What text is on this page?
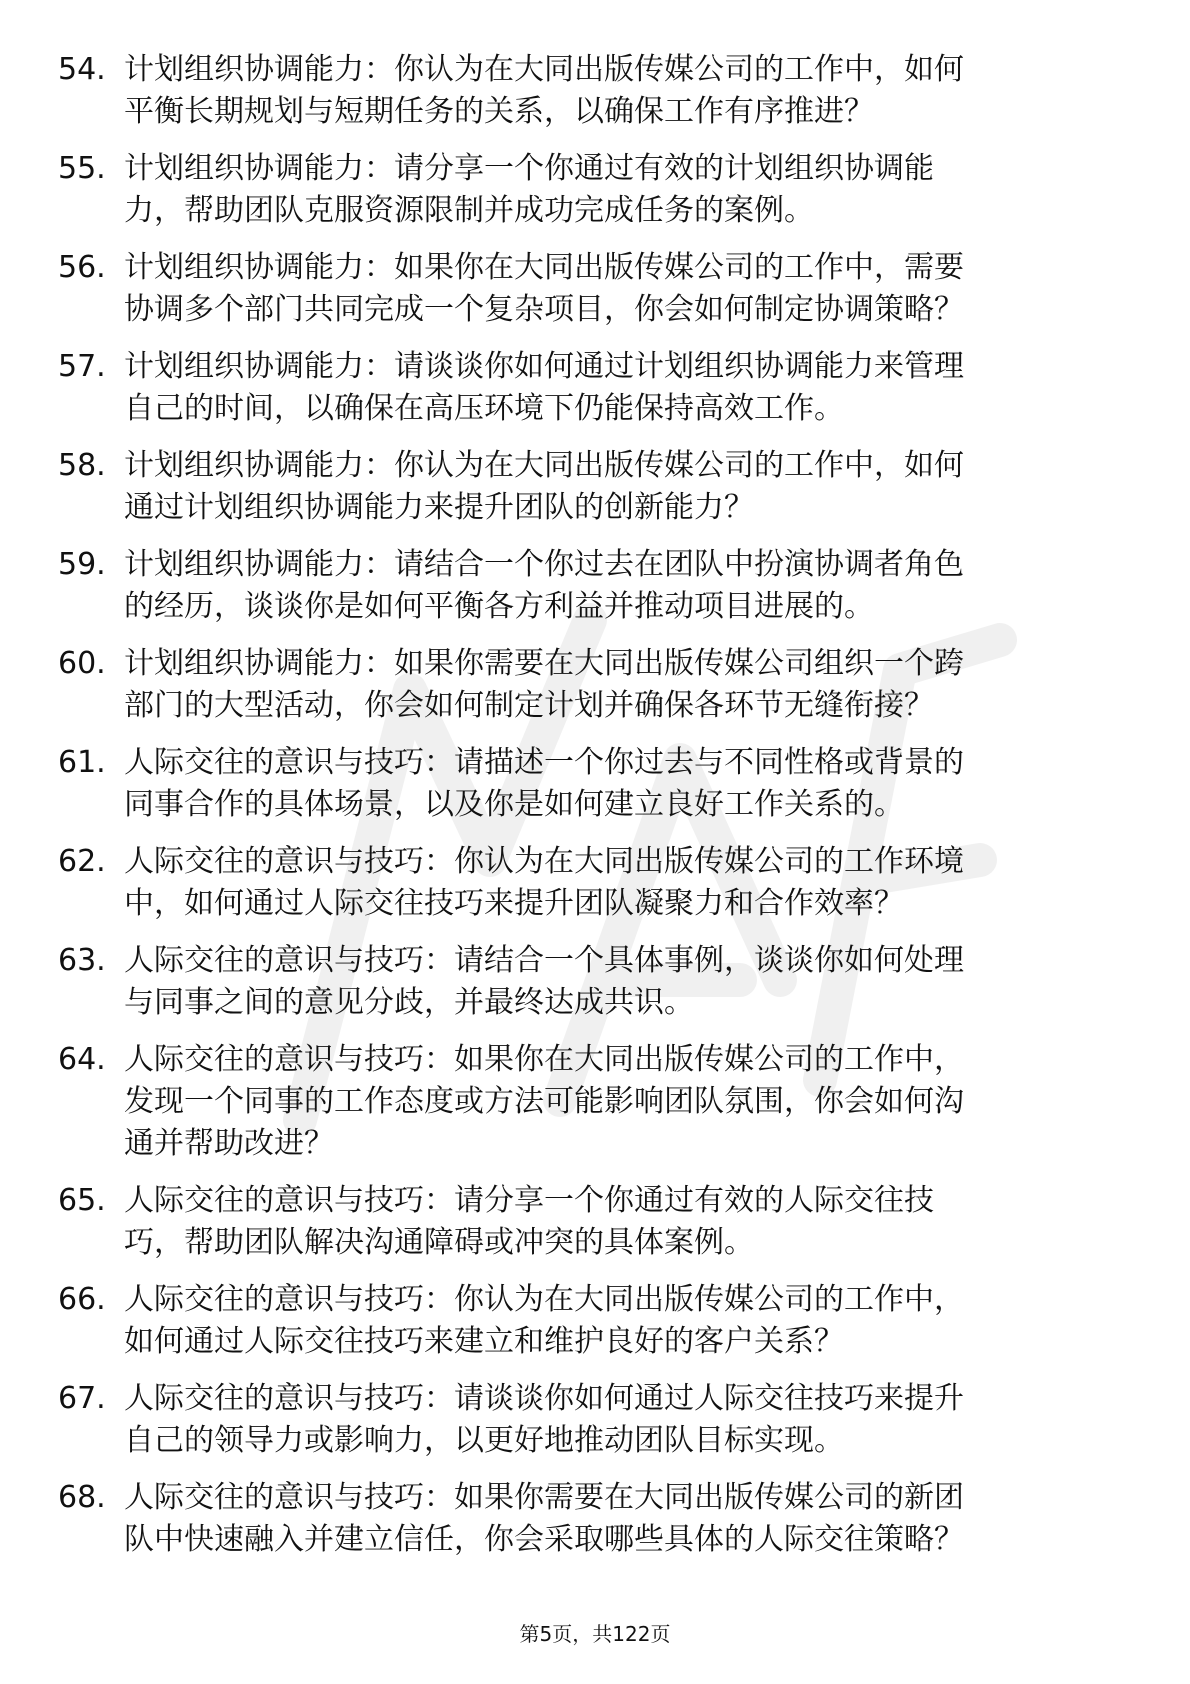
54. 计划组织协调能力：你认为在大同出版传媒公司的工作中，如何
平衡长期规划与短期任务的关系，以确保工作有序推进？

55. 计划组织协调能力：请分享一个你通过有效的计划组织协调能
力，帮助团队克服资源限制并成功完成任务的案例。

56. 计划组织协调能力：如果你在大同出版传媒公司的工作中，需要
协调多个部门共同完成一个复杂项目，你会如何制定协调策略？

57. 计划组织协调能力：请谈谈你如何通过计划组织协调能力来管理
自己的时间，以确保在高压环境下仍能保持高效工作。

58. 计划组织协调能力：你认为在大同出版传媒公司的工作中，如何
通过计划组织协调能力来提升团队的创新能力？

59. 计划组织协调能力：请结合一个你过去在团队中扮演协调者角色
的经历，谈谈你是如何平衡各方利益并推动项目进展的。

60. 计划组织协调能力：如果你需要在大同出版传媒公司组织一个跨
部门的大型活动，你会如何制定计划并确保各环节无缝衔接？

61. 人际交往的意识与技巧：请描述一个你过去与不同性格或背景的
同事合作的具体场景，以及你是如何建立良好工作关系的。

62. 人际交往的意识与技巧：你认为在大同出版传媒公司的工作环境
中，如何通过人际交往技巧来提升团队凝聚力和合作效率？

63. 人际交往的意识与技巧：请结合一个具体事例，谈谈你如何处理
与同事之间的意见分歧，并最终达成共识。

64. 人际交往的意识与技巧：如果你在大同出版传媒公司的工作中，
发现一个同事的工作态度或方法可能影响团队氛围，你会如何沟
通并帮助改进？

65. 人际交往的意识与技巧：请分享一个你通过有效的人际交往技
巧，帮助团队解决沟通障碍或冲突的具体案例。

66. 人际交往的意识与技巧：你认为在大同出版传媒公司的工作中，
如何通过人际交往技巧来建立和维护良好的客户关系？

67. 人际交往的意识与技巧：请谈谈你如何通过人际交往技巧来提升
自己的领导力或影响力，以更好地推动团队目标实现。

68. 人际交往的意识与技巧：如果你需要在大同出版传媒公司的新团
队中快速融入并建立信任，你会采取哪些具体的人际交往策略？

第5页，共122页
